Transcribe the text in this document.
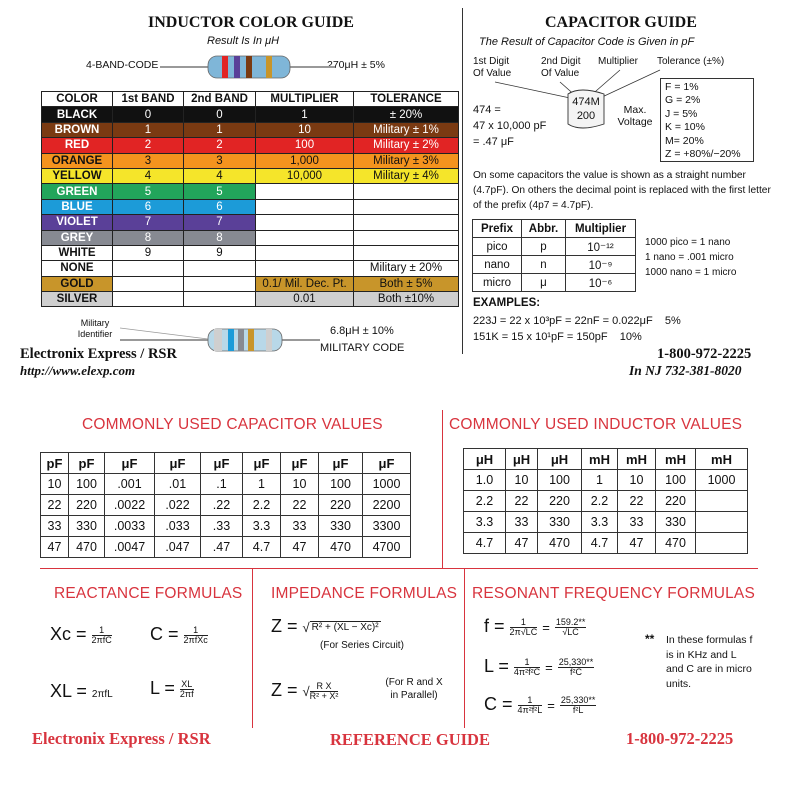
INDUCTOR COLOR GUIDE
Result Is In μH
4-BAND-CODE	270μH ± 5%
COLOR	1st BAND	2nd BAND	MULTIPLIER	TOLERANCE
BLACK	0	0	1	± 20%
BROWN	1	1	10	Military ± 1%
RED	2	2	100	Military ± 2%
ORANGE	3	3	1,000	Military ± 3%
YELLOW	4	4	10,000	Military ± 4%
GREEN	5	5		
BLUE	6	6		
VIOLET	7	7		
GREY	8	8		
WHITE	9	9		
NONE				Military ± 20%
GOLD			0.1/ Mil. Dec. Pt.	Both ± 5%
SILVER			0.01	Both ±10%
Military Identifier	6.8μH ± 10%
MILITARY CODE
Electronix Express / RSR
http://www.elexp.com
CAPACITOR GUIDE
The Result of Capacitor Code is Given in pF
1st Digit Of Value
2nd Digit Of Value
Multiplier Tolerance (±%)
474M
200	Max. Voltage
474 =
47 x 10,000 pF
= .47 μF
F = 1%
G = 2%
J = 5%
K = 10%
M= 20%
Z = +80%/−20%
On some capacitors the value is shown as a straight number (4.7pF). On others the decimal point is replaced with the first letter of the prefix (4p7 = 4.7pF).
Prefix	Abbr.	Multiplier
pico	p	10⁻¹²
nano	n	10⁻⁹
micro	μ	10⁻⁶
1000 pico = 1 nano
1 nano = .001 micro
1000 nano = 1 micro
EXAMPLES:
223J = 22 x 10³pF = 22nF = 0.022μF    5%
151K = 15 x 10¹pF = 150pF    10%
1-800-972-2225
In NJ 732-381-8020
COMMONLY USED CAPACITOR VALUES	COMMONLY USED INDUCTOR VALUES
pF	pF	μF	μF	μF	μF	μF	μF	μF
10	100	.001	.01	.1	1	10	100	1000
22	220	.0022	.022	.22	2.2	22	220	2200
33	330	.0033	.033	.33	3.3	33	330	3300
47	470	.0047	.047	.47	4.7	47	470	4700
μH	μH	μH	mH	mH	mH	mH
1.0	10	100	1	10	100	1000
2.2	22	220	2.2	22	220	
3.3	33	330	3.3	33	330	
4.7	47	470	4.7	47	470	
REACTANCE FORMULAS
$Xc = \frac{1}{\text{2πfC}}$ $C = \frac{1}{\text{2πfXc}}$
XL = 2πfL $L = \frac{XL}{2\pi f}$
IMPEDANCE FORMULAS
Z = √ R² + (XL − Xc)²
(For Series Circuit)
Z = √ $\frac{\text{R X}}{\text{R² + X²}}$	(For R and X in Parallel)
RESONANT FREQUENCY FORMULAS
$f = \frac{1}{2\pi√LC} = \frac{159.2**}{√LC}$
$L = \frac{1}{\text{4π²f²C}} = \frac{25,330**}{\text{f²C}}$
$C = \frac{1}{\text{4π²f²L}} = \frac{25,330**}{\text{f²L}}$
** In these formulas f is in KHz and L and C are in micro units.
Electronix Express / RSR	REFERENCE GUIDE	1-800-972-2225
